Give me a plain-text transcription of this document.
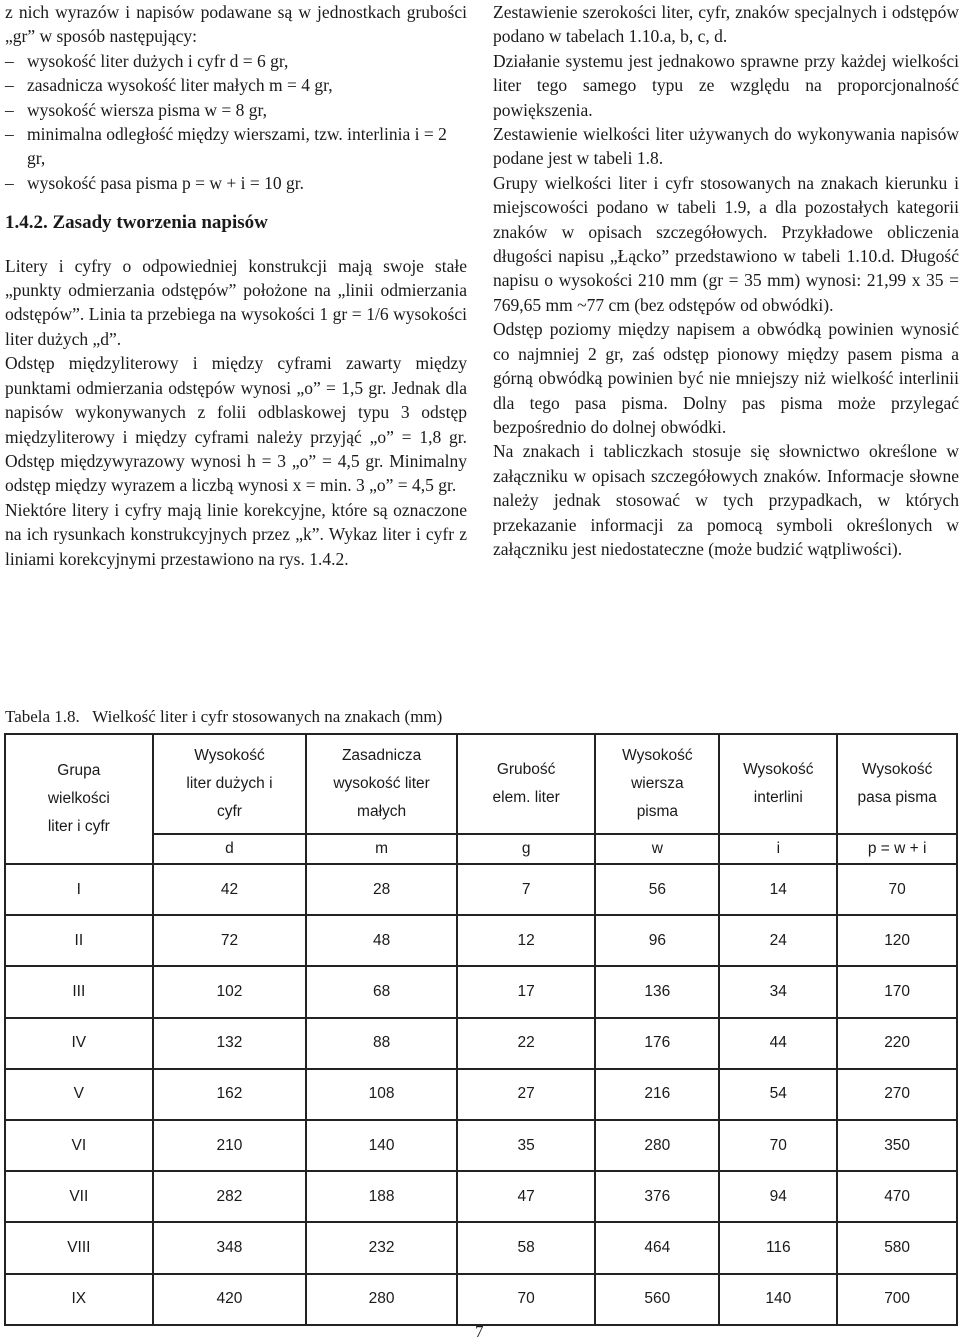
z nich wyrazów i napisów podawane są w jednostkach grubości „gr” w sposób następujący:

– wysokość liter dużych i cyfr d = 6 gr,
– zasadnicza wysokość liter małych m = 4 gr,
– wysokość wiersza pisma w = 8 gr,
– minimalna odległość między wierszami, tzw. interlinia i = 2 gr,
– wysokość pasa pisma p = w + i = 10 gr.

1.4.2. Zasady tworzenia napisów

Litery i cyfry o odpowiedniej konstrukcji mają swoje stałe „punkty odmierzania odstępów” położone na „linii odmierzania odstępów”. Linia ta przebiega na wysokości 1 gr = 1/6 wysokości liter dużych „d”.

Odstęp międzyliterowy i między cyframi zawarty między punktami odmierzania odstępów wynosi „o” = 1,5 gr. Jednak dla napisów wykonywanych z folii odblaskowej typu 3 odstęp międzyliterowy i między cyframi należy przyjąć „o” = 1,8 gr. Odstęp międzywyrazowy wynosi h = 3 „o” = 4,5 gr. Minimalny odstęp między wyrazem a liczbą wynosi x = min. 3 „o” = 4,5 gr.

Niektóre litery i cyfry mają linie korekcyjne, które są oznaczone na ich rysunkach konstrukcyjnych przez „k”. Wykaz liter i cyfr z liniami korekcyjnymi przestawiono na rys. 1.4.2.

Zestawienie szerokości liter, cyfr, znaków specjalnych i odstępów podano w tabelach 1.10.a, b, c, d.

Działanie systemu jest jednakowo sprawne przy każdej wielkości liter tego samego typu ze względu na proporcjonalność powiększenia.

Zestawienie wielkości liter używanych do wykonywania napisów podane jest w tabeli 1.8.

Grupy wielkości liter i cyfr stosowanych na znakach kierunku i miejscowości podano w tabeli 1.9, a dla pozostałych kategorii znaków w opisach szczegółowych. Przykładowe obliczenia długości napisu „Łącko” przedstawiono w tabeli 1.10.d. Długość napisu o wysokości 210 mm (gr = 35 mm) wynosi: 21,99 x 35 = 769,65 mm ~77 cm (bez odstępów od obwódki).

Odstęp poziomy między napisem a obwódką powinien wynosić co najmniej 2 gr, zaś odstęp pionowy między pasem pisma a górną obwódką powinien być nie mniejszy niż wielkość interlinii dla tego pasa pisma. Dolny pas pisma może przylegać bezpośrednio do dolnej obwódki.

Na znakach i tabliczkach stosuje się słownictwo określone w załączniku w opisach szczegółowych znaków. Informacje słowne należy jednak stosować w tych przypadkach, w których przekazanie informacji za pomocą symboli określonych w załączniku jest niedostateczne (może budzić wątpliwości).

Tabela 1.8.   Wielkość liter i cyfr stosowanych na znakach (mm)
Grupa wielkości liter i cyfr	Wysokość liter dużych i cyfr	Zasadnicza wysokość liter małych	Grubość elem. liter	Wysokość wiersza pisma	Wysokość interlini	Wysokość pasa pisma
	d	m	g	w	i	p = w + i
I	42	28	7	56	14	70
II	72	48	12	96	24	120
III	102	68	17	136	34	170
IV	132	88	22	176	44	220
V	162	108	27	216	54	270
VI	210	140	35	280	70	350
VII	282	188	47	376	94	470
VIII	348	232	58	464	116	580
IX	420	280	70	560	140	700
7
